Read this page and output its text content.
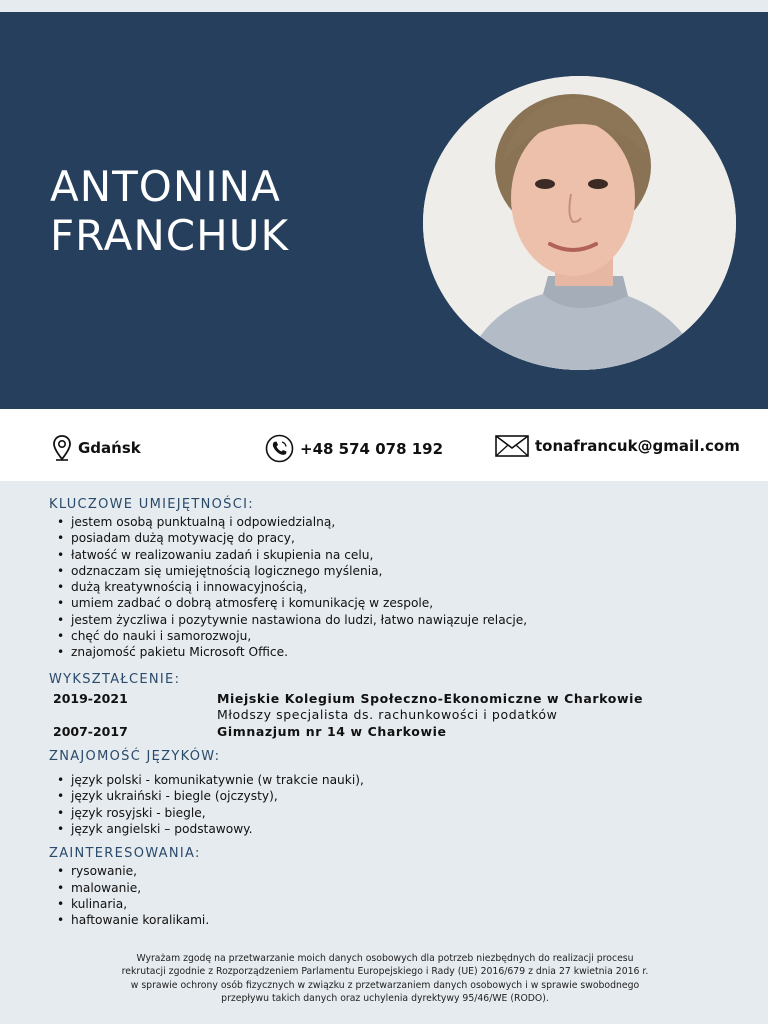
ANTONINA
FRANCHUK
Gdańsk	+48 574 078 192	tonafrancuk@gmail.com
KLUCZOWE UMIEJĘTNOŚCI:
• jestem osobą punktualną i odpowiedzialną,
• posiadam dużą motywację do pracy,
• łatwość w realizowaniu zadań i skupienia na celu,
• odznaczam się umiejętnością logicznego myślenia,
• dużą kreatywnością i innowacyjnością,
• umiem zadbać o dobrą atmosferę i komunikację w zespole,
• jestem życzliwa i pozytywnie nastawiona do ludzi, łatwo nawiązuje relacje,
• chęć do nauki i samorozwoju,
• znajomość pakietu Microsoft Office.
WYKSZTAŁCENIE:
2019-2021	Miejskie Kolegium Społeczno-Ekonomiczne w Charkowie
Młodszy specjalista ds. rachunkowości i podatków
2007-2017	Gimnazjum nr 14 w Charkowie
ZNAJOMOŚĆ JĘZYKÓW:
• język polski - komunikatywnie (w trakcie nauki),
• język ukraiński - biegle (ojczysty),
• język rosyjski - biegle,
• język angielski – podstawowy.
ZAINTERESOWANIA:
• rysowanie,
• malowanie,
• kulinaria,
• haftowanie koralikami.
Wyrażam zgodę na przetwarzanie moich danych osobowych dla potrzeb niezbędnych do realizacji procesu rekrutacji zgodnie z Rozporządzeniem Parlamentu Europejskiego i Rady (UE) 2016/679 z dnia 27 kwietnia 2016 r. w sprawie ochrony osób fizycznych w związku z przetwarzaniem danych osobowych i w sprawie swobodnego przepływu takich danych oraz uchylenia dyrektywy 95/46/WE (RODO).
